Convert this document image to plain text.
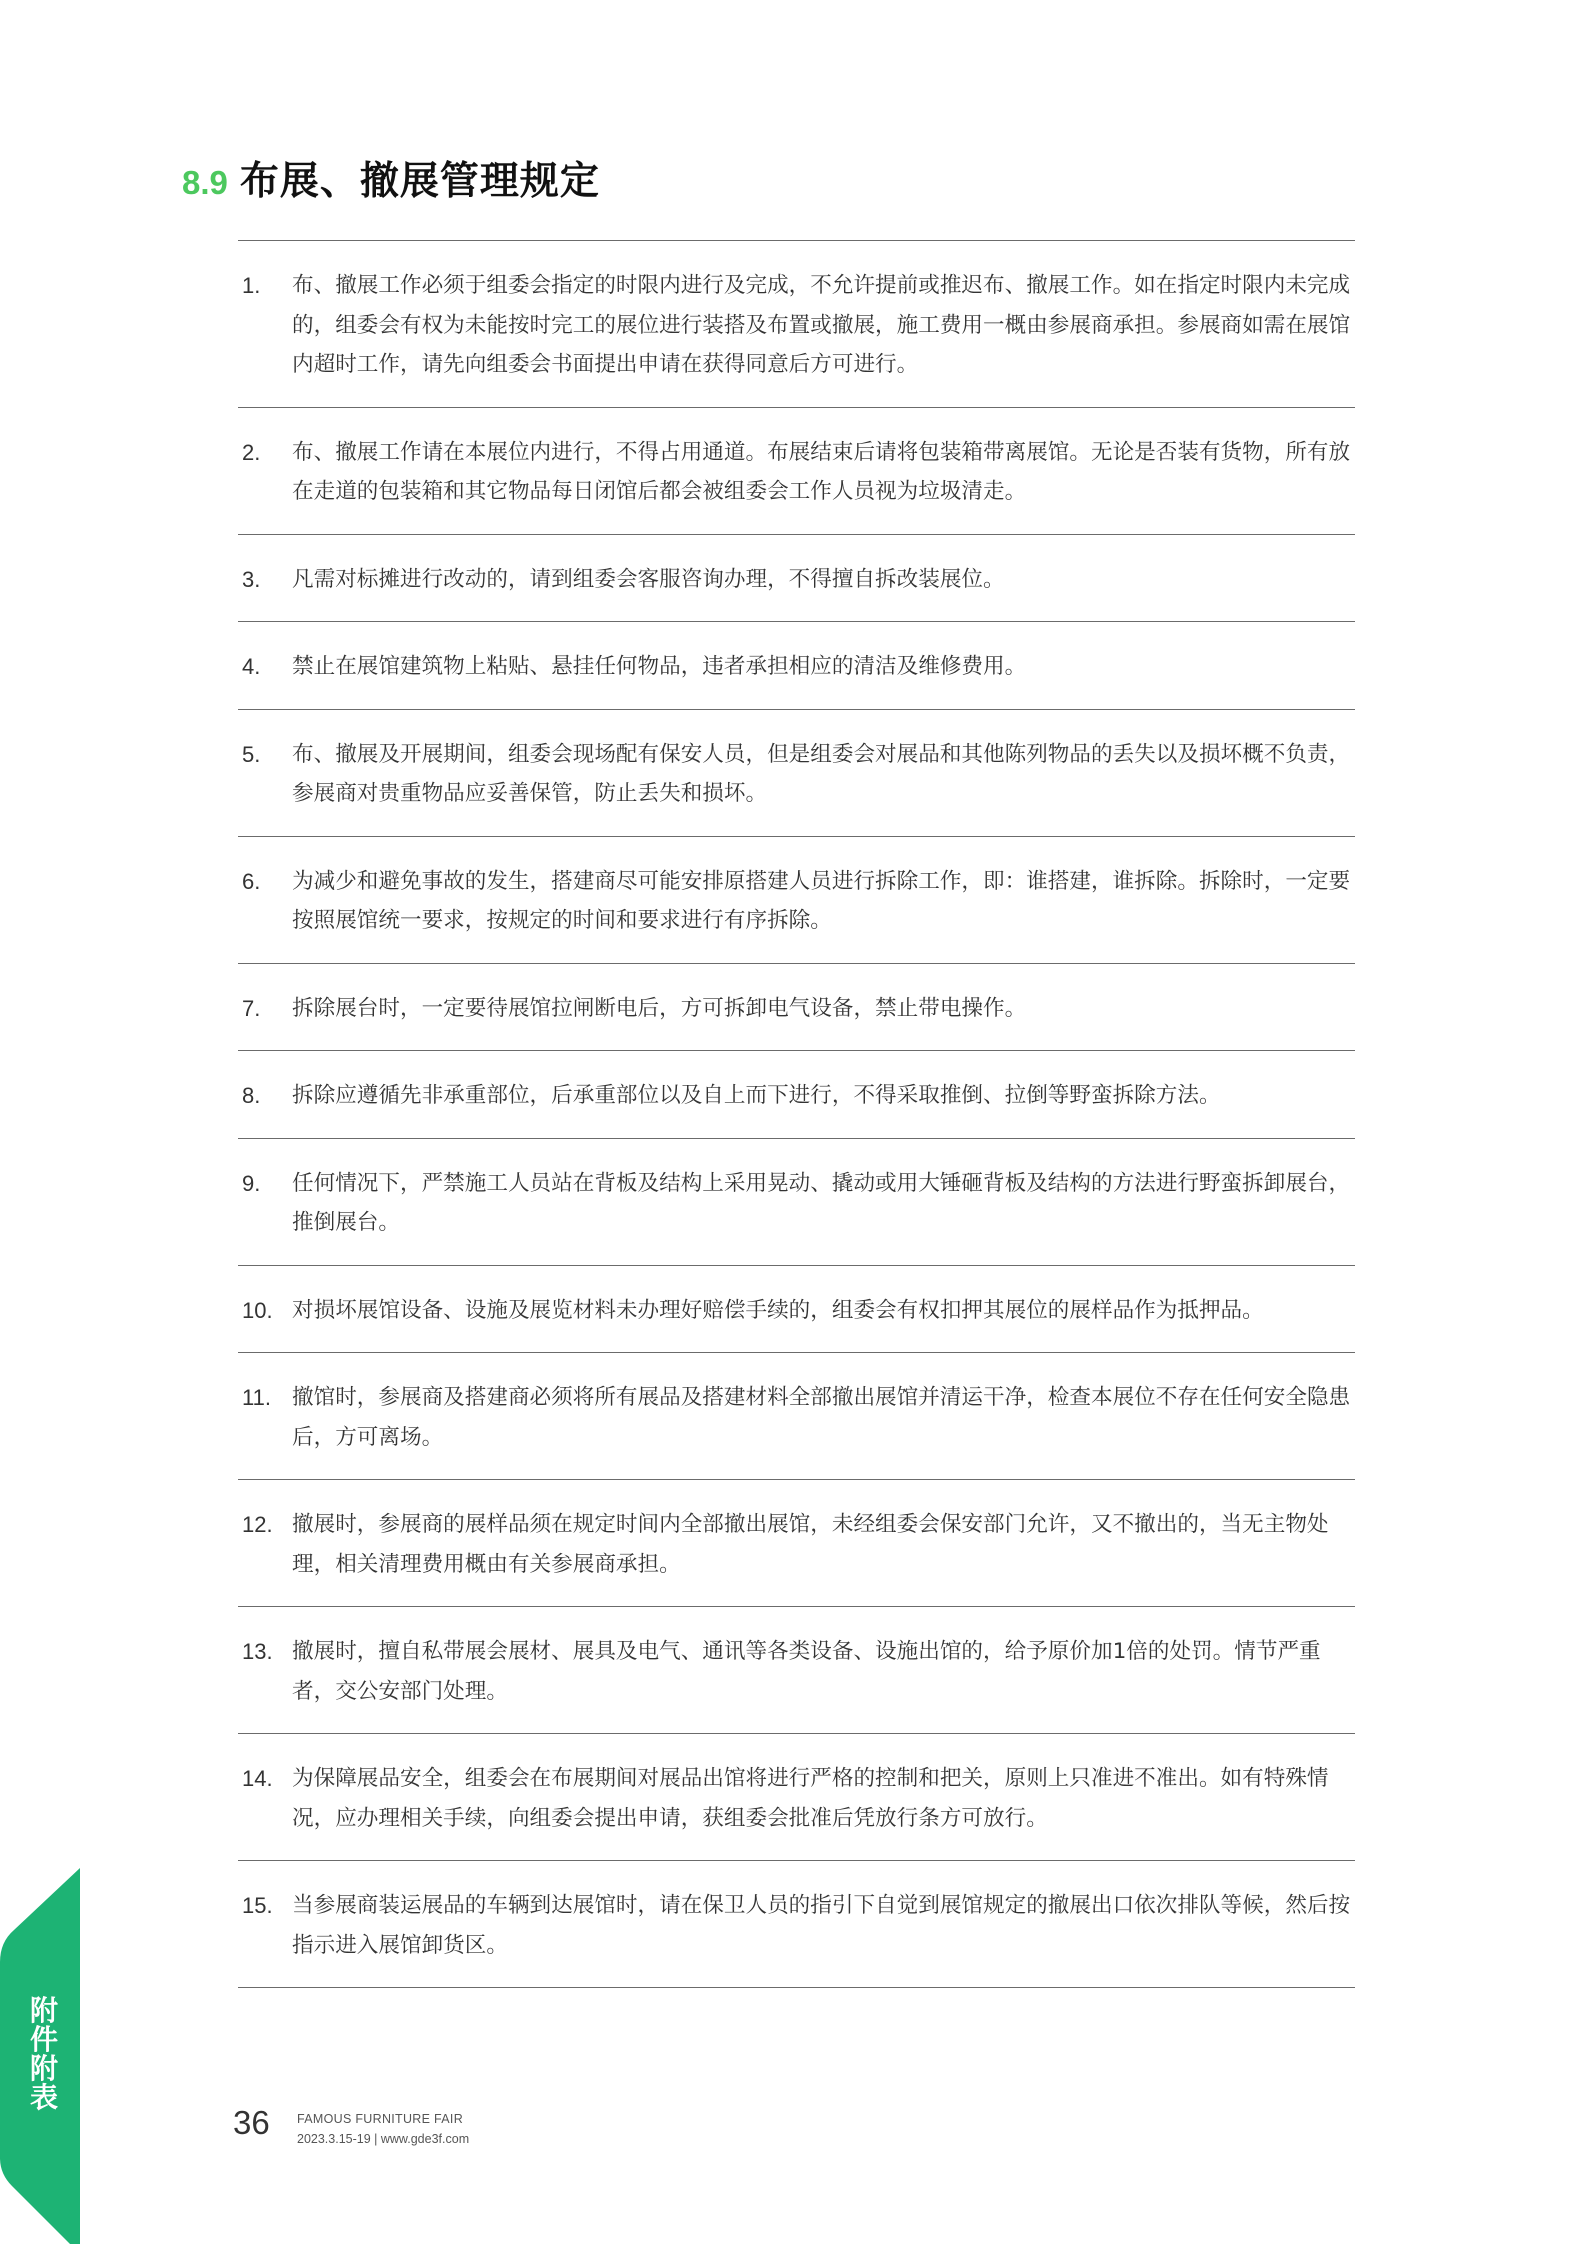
8.9 布展、撤展管理规定
1. 布、撤展工作必须于组委会指定的时限内进行及完成，不允许提前或推迟布、撤展工作。如在指定时限内未完成的，组委会有权为未能按时完工的展位进行装搭及布置或撤展，施工费用一概由参展商承担。参展商如需在展馆内超时工作，请先向组委会书面提出申请在获得同意后方可进行。
2. 布、撤展工作请在本展位内进行，不得占用通道。布展结束后请将包装箱带离展馆。无论是否装有货物，所有放在走道的包装箱和其它物品每日闭馆后都会被组委会工作人员视为垃圾清走。
3. 凡需对标摊进行改动的，请到组委会客服咨询办理，不得擅自拆改装展位。
4. 禁止在展馆建筑物上粘贴、悬挂任何物品，违者承担相应的清洁及维修费用。
5. 布、撤展及开展期间，组委会现场配有保安人员，但是组委会对展品和其他陈列物品的丢失以及损坏概不负责，参展商对贵重物品应妥善保管，防止丢失和损坏。
6. 为减少和避免事故的发生，搭建商尽可能安排原搭建人员进行拆除工作，即：谁搭建，谁拆除。拆除时，一定要按照展馆统一要求，按规定的时间和要求进行有序拆除。
7. 拆除展台时，一定要待展馆拉闸断电后，方可拆卸电气设备，禁止带电操作。
8. 拆除应遵循先非承重部位，后承重部位以及自上而下进行，不得采取推倒、拉倒等野蛮拆除方法。
9. 任何情况下，严禁施工人员站在背板及结构上采用晃动、撬动或用大锤砸背板及结构的方法进行野蛮拆卸展台，推倒展台。
10. 对损坏展馆设备、设施及展览材料未办理好赔偿手续的，组委会有权扣押其展位的展样品作为抵押品。
11. 撤馆时，参展商及搭建商必须将所有展品及搭建材料全部撤出展馆并清运干净，检查本展位不存在任何安全隐患后，方可离场。
12. 撤展时，参展商的展样品须在规定时间内全部撤出展馆，未经组委会保安部门允许，又不撤出的，当无主物处理，相关清理费用概由有关参展商承担。
13. 撤展时，擅自私带展会展材、展具及电气、通讯等各类设备、设施出馆的，给予原价加1倍的处罚。情节严重者，交公安部门处理。
14. 为保障展品安全，组委会在布展期间对展品出馆将进行严格的控制和把关，原则上只准进不准出。如有特殊情况，应办理相关手续，向组委会提出申请，获组委会批准后凭放行条方可放行。
15. 当参展商装运展品的车辆到达展馆时，请在保卫人员的指引下自觉到展馆规定的撤展出口依次排队等候，然后按指示进入展馆卸货区。
附件附表
36 FAMOUS FURNITURE FAIR
2023.3.15-19 | www.gde3f.com
